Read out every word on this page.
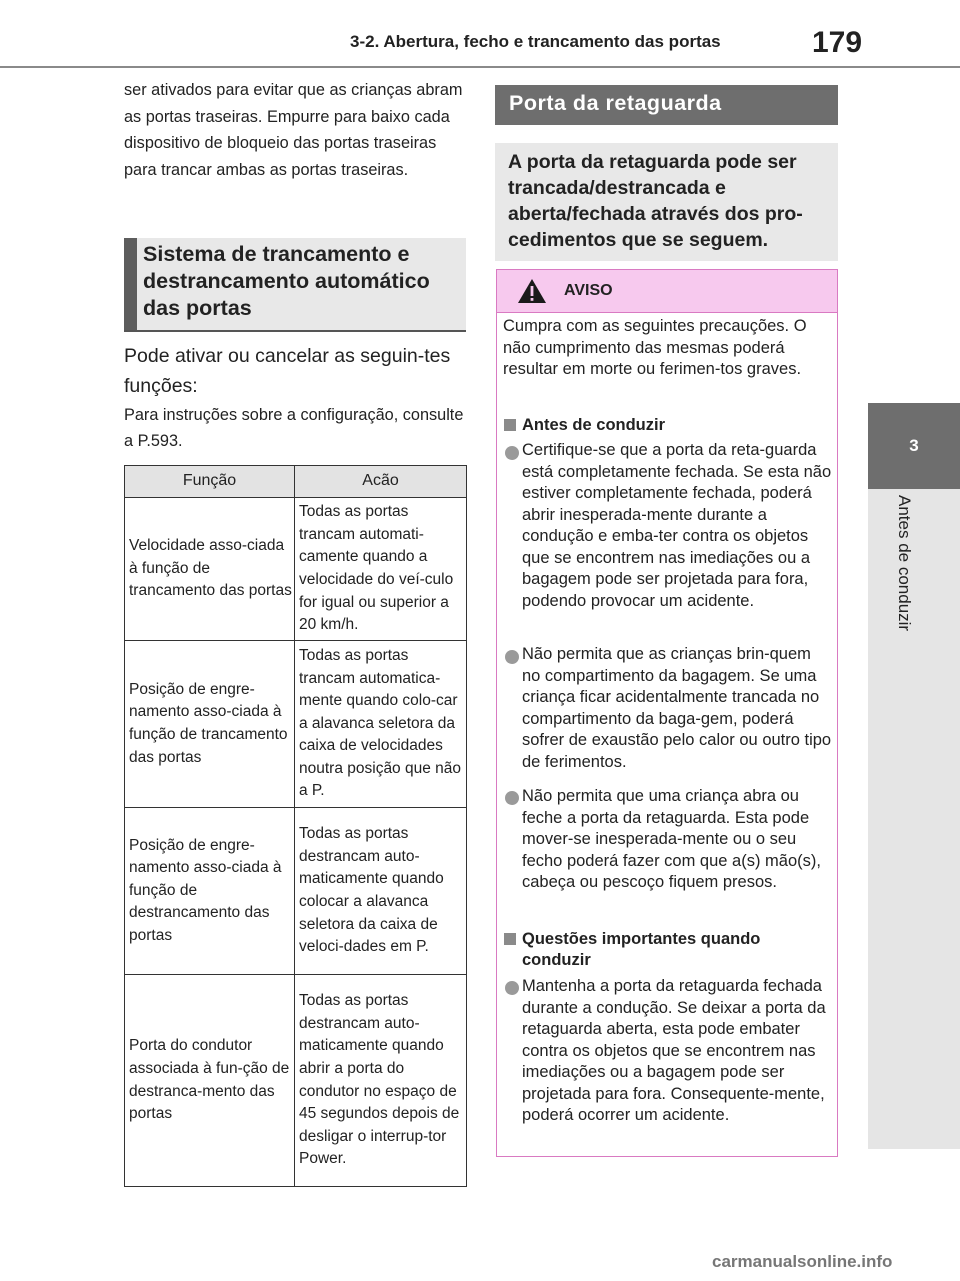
3-2. Abertura, fecho e trancamento das portas	179
3
Antes de conduzir
ser ativados para evitar que as crianças abram as portas traseiras. Empurre para baixo cada dispositivo de bloqueio das portas traseiras para trancar ambas as portas traseiras.
Sistema de trancamento e destrancamento automático das portas
Pode ativar ou cancelar as seguin-tes funções:
Para instruções sobre a configuração, consulte a P.593.
Função	Acão
Velocidade asso-ciada à função de trancamento das portas	Todas as portas trancam automati-camente quando a velocidade do veí-culo for igual ou superior a 20 km/h.
Posição de engre-namento asso-ciada à função de trancamento das portas	Todas as portas trancam automatica-mente quando colo-car a alavanca seletora da caixa de velocidades noutra posição que não a P.
Posição de engre-namento asso-ciada à função de destrancamento das portas	Todas as portas destrancam auto-maticamente quando colocar a alavanca seletora da caixa de veloci-dades em P.
Porta do condutor associada à fun-ção de destranca-mento das portas	Todas as portas destrancam auto-maticamente quando abrir a porta do condutor no espaço de 45 segundos depois de desligar o interrup-tor Power.
Porta da retaguarda
A porta da retaguarda pode ser trancada/destrancada e aberta/fechada através dos pro-cedimentos que se seguem.
AVISO
Cumpra com as seguintes precauções. O não cumprimento das mesmas poderá resultar em morte ou ferimen-tos graves.
Antes de conduzir
Certifique-se que a porta da reta-guarda está completamente fechada. Se esta não estiver completamente fechada, poderá abrir inesperada-mente durante a condução e emba-ter contra os objetos que se encontrem nas imediações ou a bagagem pode ser projetada para fora, podendo provocar um acidente.
Não permita que as crianças brin-quem no compartimento da bagagem. Se uma criança ficar acidentalmente trancada no compartimento da baga-gem, poderá sofrer de exaustão pelo calor ou outro tipo de ferimentos.
Não permita que uma criança abra ou feche a porta da retaguarda. Esta pode mover-se inesperada-mente ou o seu fecho poderá fazer com que a(s) mão(s), cabeça ou pescoço fiquem presos.
Questões importantes quando conduzir
Mantenha a porta da retaguarda fechada durante a condução. Se deixar a porta da retaguarda aberta, esta pode embater contra os objetos que se encontrem nas imediações ou a bagagem pode ser projetada para fora. Consequente-mente, poderá ocorrer um acidente.
carmanualsonline.info
